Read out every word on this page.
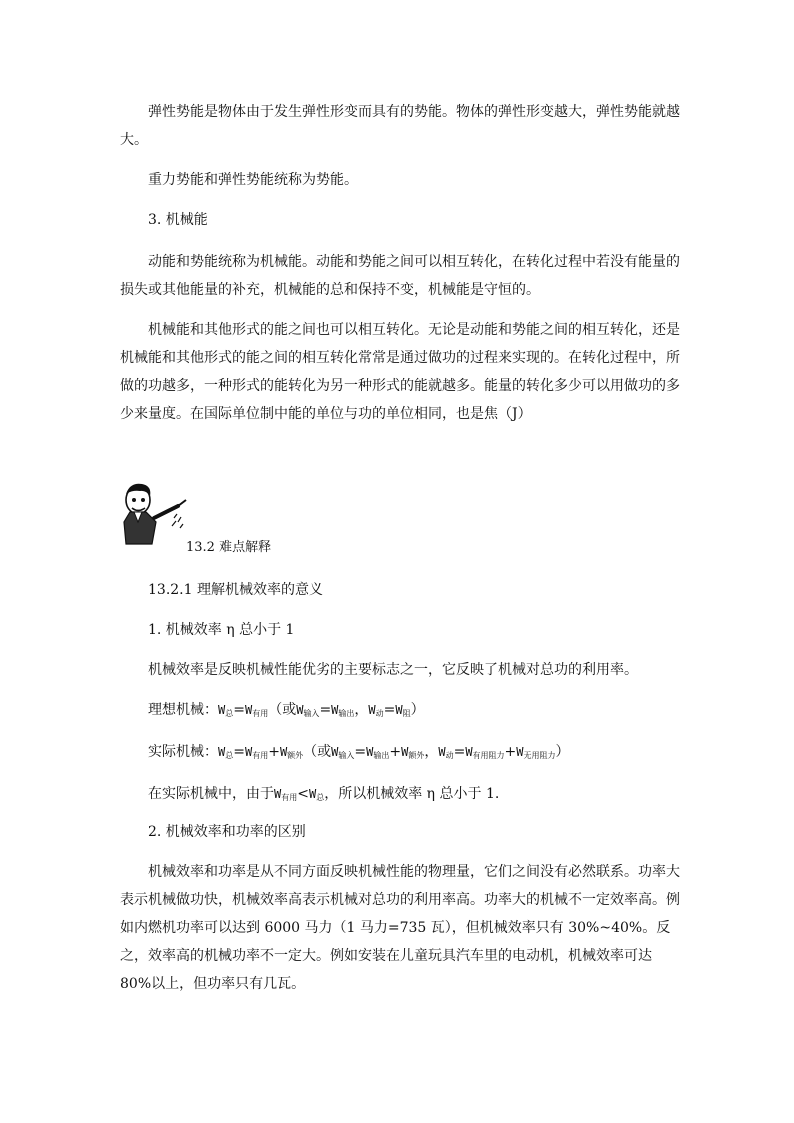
弹性势能是物体由于发生弹性形变而具有的势能。物体的弹性形变越大，弹性势能就越大。

重力势能和弹性势能统称为势能。

3. 机械能

动能和势能统称为机械能。动能和势能之间可以相互转化，在转化过程中若没有能量的损失或其他能量的补充，机械能的总和保持不变，机械能是守恒的。

机械能和其他形式的能之间也可以相互转化。无论是动能和势能之间的相互转化，还是机械能和其他形式的能之间的相互转化常常是通过做功的过程来实现的。在转化过程中，所做的功越多，一种形式的能转化为另一种形式的能就越多。能量的转化多少可以用做功的多少来量度。在国际单位制中能的单位与功的单位相同，也是焦（J）

13.2 难点解释

13.2.1 理解机械效率的意义

1. 机械效率 η 总小于 1

机械效率是反映机械性能优劣的主要标志之一，它反映了机械对总功的利用率。

理想机械：$W_总=W_{有用}$（或$W_{输入}=W_{输出}$，$W_动=W_阻$）

实际机械：$W_总=W_{有用}+W_{额外}$（或$W_{输入}=W_{输出}+W_{额外}$，$W_动=W_{有用阻力}+W_{无用阻力}$）

在实际机械中，由于$W_{有用}<W_总$，所以机械效率 η 总小于 1.

2. 机械效率和功率的区别

机械效率和功率是从不同方面反映机械性能的物理量，它们之间没有必然联系。功率大表示机械做功快，机械效率高表示机械对总功的利用率高。功率大的机械不一定效率高。例如内燃机功率可以达到 6000 马力（1 马力=735 瓦），但机械效率只有 30%~40%。反之，效率高的机械功率不一定大。例如安装在儿童玩具汽车里的电动机，机械效率可达 80%以上，但功率只有几瓦。
